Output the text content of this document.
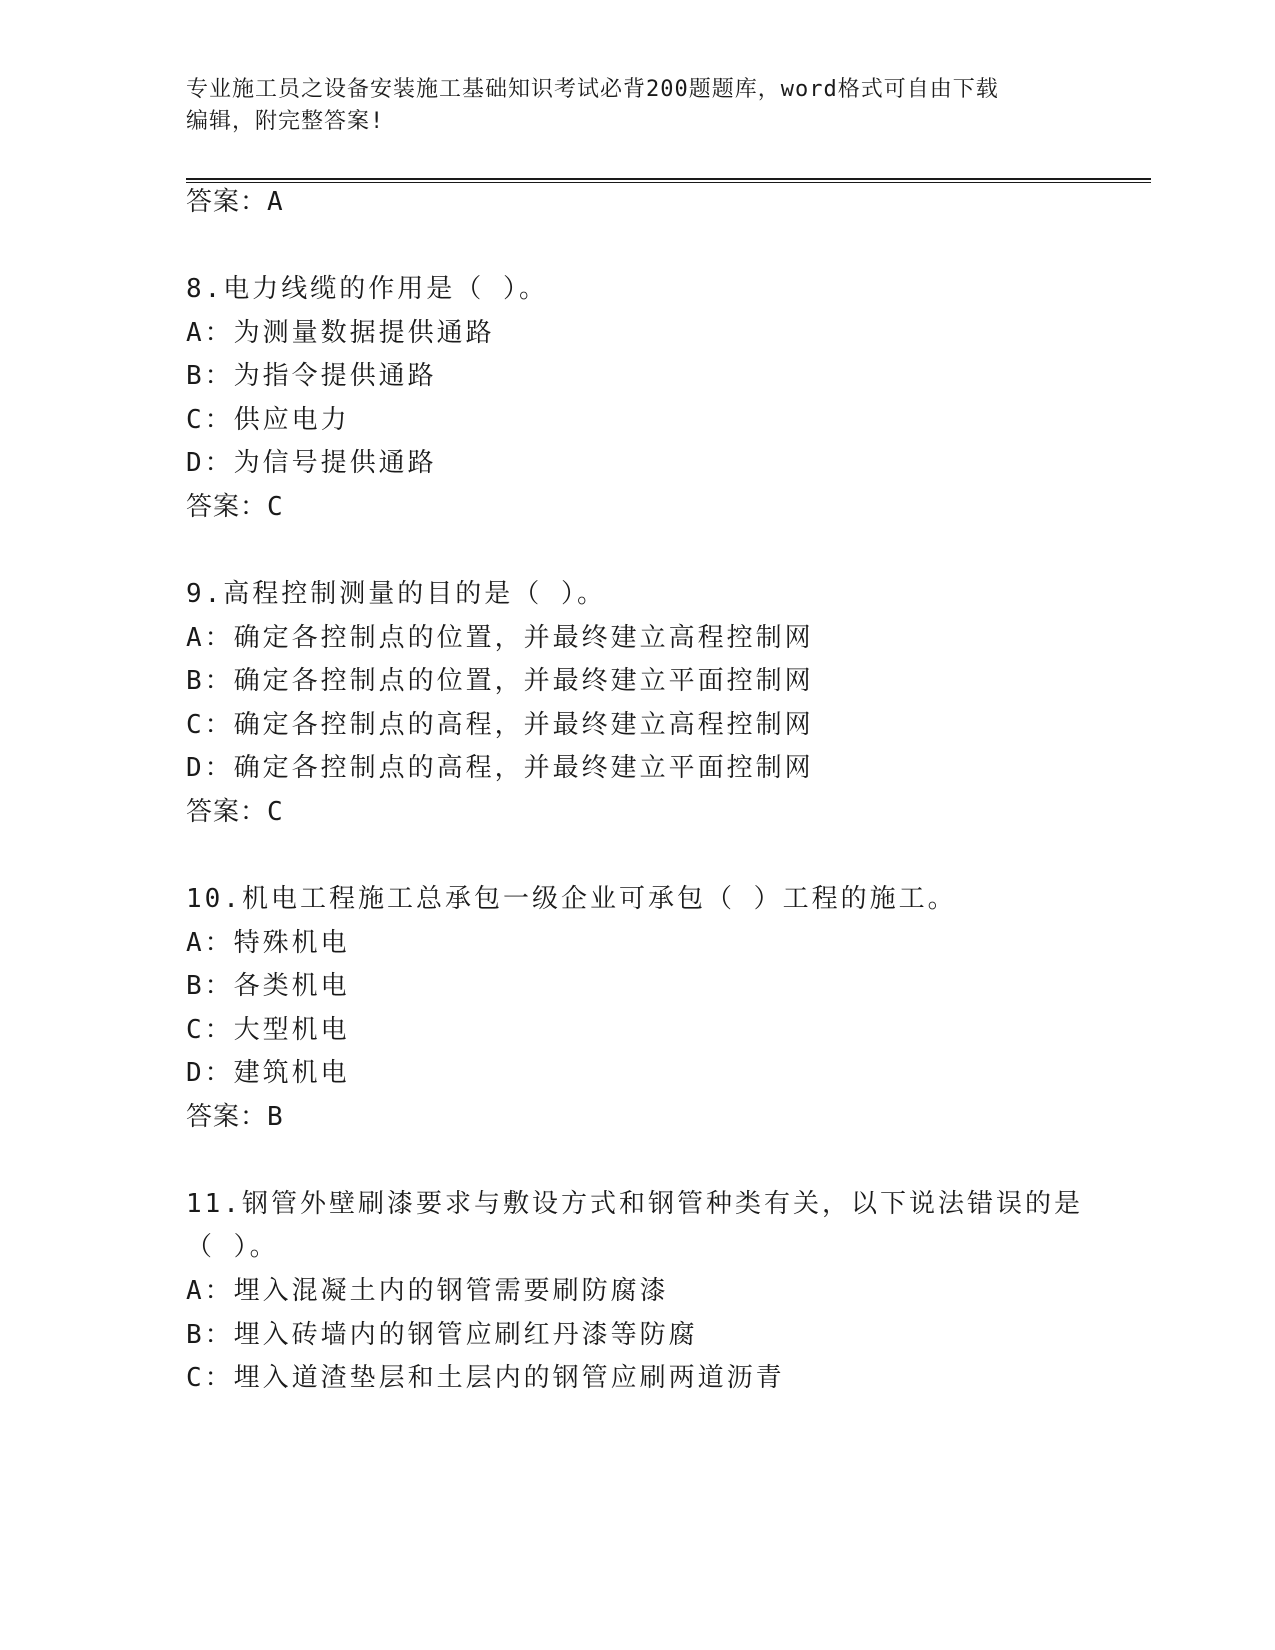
专业施工员之设备安装施工基础知识考试必背200题题库，word格式可自由下载
编辑，附完整答案!
答案：A
8.电力线缆的作用是（ ）。
A：为测量数据提供通路
B：为指令提供通路
C：供应电力
D：为信号提供通路
答案：C
9.高程控制测量的目的是（ ）。
A：确定各控制点的位置，并最终建立高程控制网
B：确定各控制点的位置，并最终建立平面控制网
C：确定各控制点的高程，并最终建立高程控制网
D：确定各控制点的高程，并最终建立平面控制网
答案：C
10.机电工程施工总承包一级企业可承包（ ）工程的施工。
A：特殊机电
B：各类机电
C：大型机电
D：建筑机电
答案：B
11.钢管外壁刷漆要求与敷设方式和钢管种类有关，以下说法错误的是
（ ）。
A：埋入混凝土内的钢管需要刷防腐漆
B：埋入砖墙内的钢管应刷红丹漆等防腐
C：埋入道渣垫层和土层内的钢管应刷两道沥青
